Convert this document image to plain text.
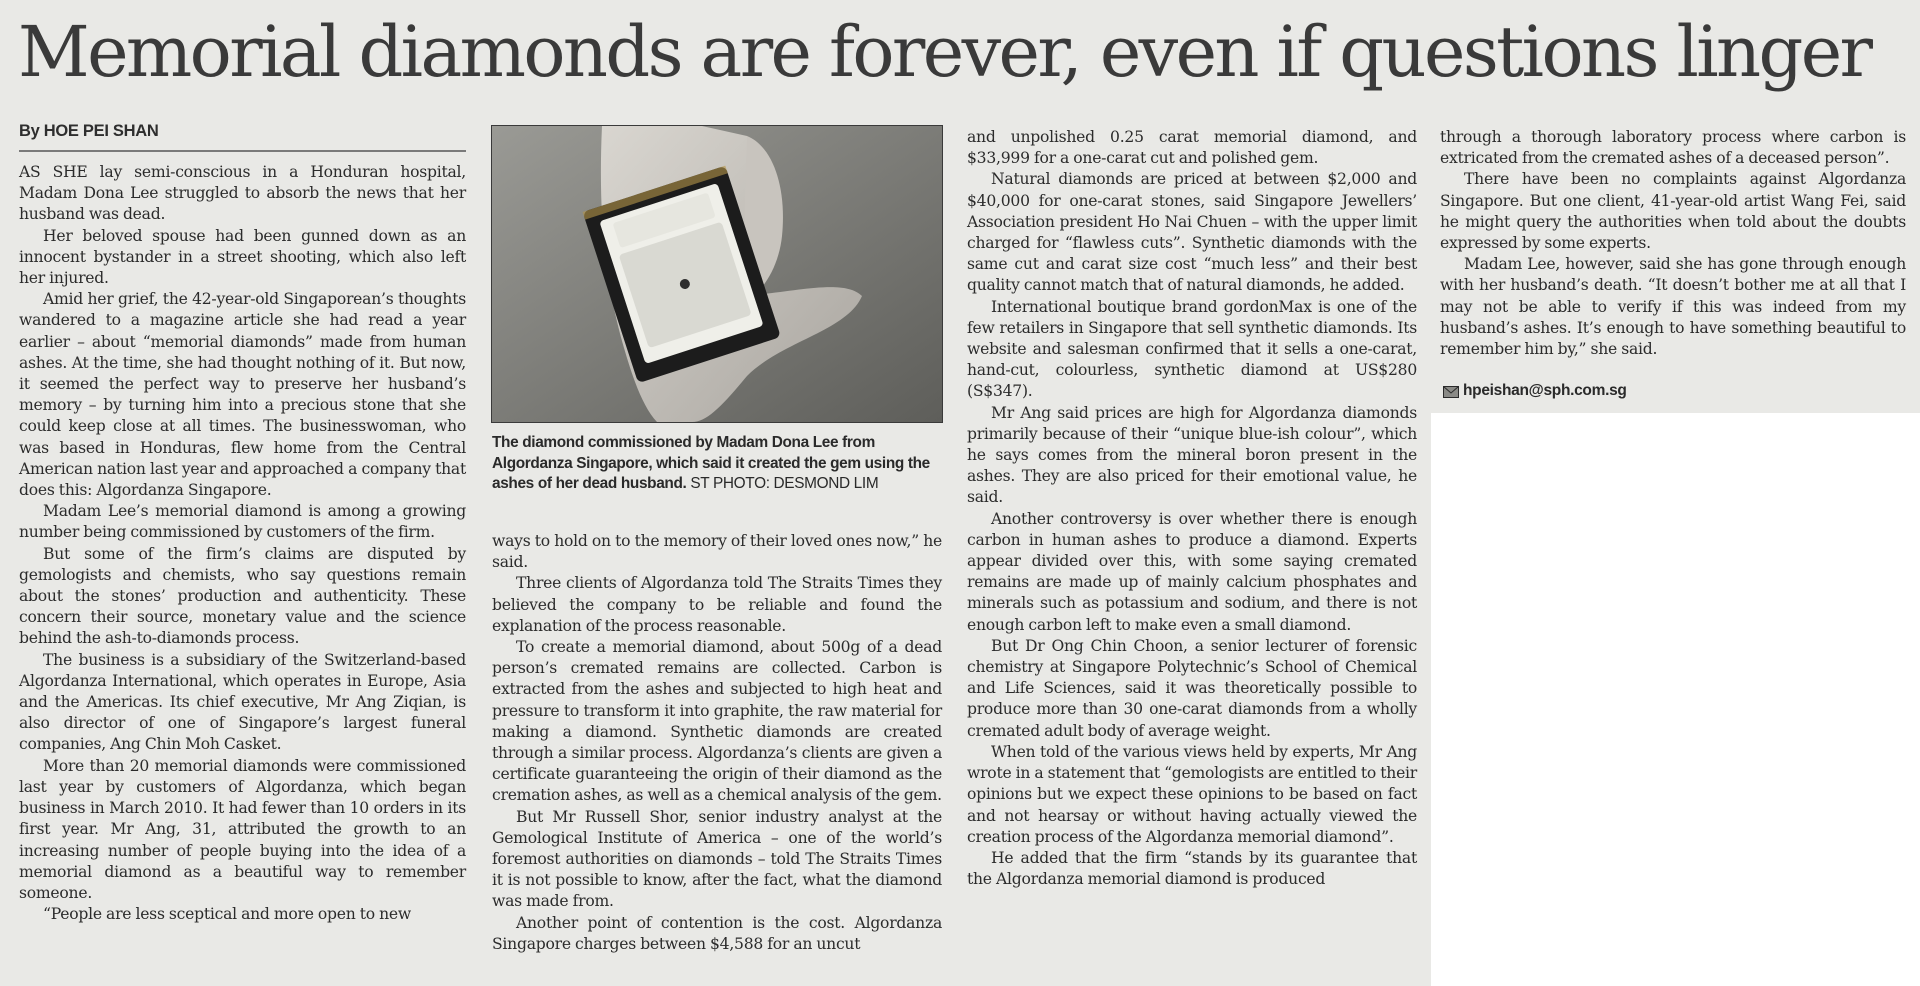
Memorial diamonds are forever, even if questions linger
By HOE PEI SHAN

AS SHE lay semi-conscious in a Honduran hospital, Madam Dona Lee struggled to absorb the news that her husband was dead.

Her beloved spouse had been gunned down as an innocent bystander in a street shooting, which also left her injured.

Amid her grief, the 42-year-old Singaporean’s thoughts wandered to a magazine article she had read a year earlier – about “memorial diamonds” made from human ashes. At the time, she had thought nothing of it. But now, it seemed the perfect way to preserve her husband’s memory – by turning him into a precious stone that she could keep close at all times. The businesswoman, who was based in Honduras, flew home from the Central American nation last year and approached a company that does this: Algordanza Singapore.

Madam Lee’s memorial diamond is among a growing number being commissioned by customers of the firm.

But some of the firm’s claims are disputed by gemologists and chemists, who say questions remain about the stones’ production and authenticity. These concern their source, monetary value and the science behind the ash-to-diamonds process.

The business is a subsidiary of the Switzerland-based Algordanza International, which operates in Europe, Asia and the Americas. Its chief executive, Mr Ang Ziqian, is also director of one of Singapore’s largest funeral companies, Ang Chin Moh Casket.

More than 20 memorial diamonds were commissioned last year by customers of Algordanza, which began business in March 2010. It had fewer than 10 orders in its first year. Mr Ang, 31, attributed the growth to an increasing number of people buying into the idea of a memorial diamond as a beautiful way to remember someone.

“People are less sceptical and more open to new

The diamond commissioned by Madam Dona Lee from Algordanza Singapore, which said it created the gem using the ashes of her dead husband. ST PHOTO: DESMOND LIM

ways to hold on to the memory of their loved ones now,” he said.

Three clients of Algordanza told The Straits Times they believed the company to be reliable and found the explanation of the process reasonable.

To create a memorial diamond, about 500g of a dead person’s cremated remains are collected. Carbon is extracted from the ashes and subjected to high heat and pressure to transform it into graphite, the raw material for making a diamond. Synthetic diamonds are created through a similar process. Algordanza’s clients are given a certificate guaranteeing the origin of their diamond as the cremation ashes, as well as a chemical analysis of the gem.

But Mr Russell Shor, senior industry analyst at the Gemological Institute of America – one of the world’s foremost authorities on diamonds – told The Straits Times it is not possible to know, after the fact, what the diamond was made from.

Another point of contention is the cost. Algordanza Singapore charges between $4,588 for an uncut

and unpolished 0.25 carat memorial diamond, and $33,999 for a one-carat cut and polished gem.

Natural diamonds are priced at between $2,000 and $40,000 for one-carat stones, said Singapore Jewellers’ Association president Ho Nai Chuen – with the upper limit charged for “flawless cuts”. Synthetic diamonds with the same cut and carat size cost “much less” and their best quality cannot match that of natural diamonds, he added.

International boutique brand gordonMax is one of the few retailers in Singapore that sell synthetic diamonds. Its website and salesman confirmed that it sells a one-carat, hand-cut, colourless, synthetic diamond at US$280 (S$347).

Mr Ang said prices are high for Algordanza diamonds primarily because of their “unique blue-ish colour”, which he says comes from the mineral boron present in the ashes. They are also priced for their emotional value, he said.

Another controversy is over whether there is enough carbon in human ashes to produce a diamond. Experts appear divided over this, with some saying cremated remains are made up of mainly calcium phosphates and minerals such as potassium and sodium, and there is not enough carbon left to make even a small diamond.

But Dr Ong Chin Choon, a senior lecturer of forensic chemistry at Singapore Polytechnic’s School of Chemical and Life Sciences, said it was theoretically possible to produce more than 30 one-carat diamonds from a wholly cremated adult body of average weight.

When told of the various views held by experts, Mr Ang wrote in a statement that “gemologists are entitled to their opinions but we expect these opinions to be based on fact and not hearsay or without having actually viewed the creation process of the Algordanza memorial diamond”.

He added that the firm “stands by its guarantee that the Algordanza memorial diamond is produced

through a thorough laboratory process where carbon is extricated from the cremated ashes of a deceased person”.

There have been no complaints against Algordanza Singapore. But one client, 41-year-old artist Wang Fei, said he might query the authorities when told about the doubts expressed by some experts.

Madam Lee, however, said she has gone through enough with her husband’s death. “It doesn’t bother me at all that I may not be able to verify if this was indeed from my husband’s ashes. It’s enough to have something beautiful to remember him by,” she said.

hpeishan@sph.com.sg
